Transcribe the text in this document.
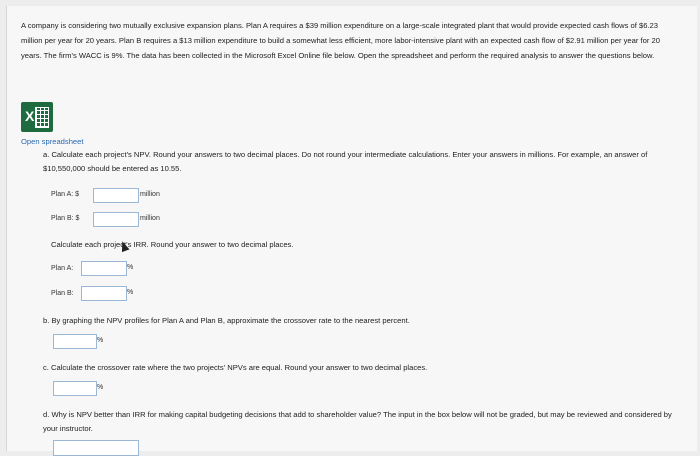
A company is considering two mutually exclusive expansion plans. Plan A requires a $39 million expenditure on a large-scale integrated plant that would provide expected cash flows of $6.23 million per year for 20 years. Plan B requires a $13 million expenditure to build a somewhat less efficient, more labor-intensive plant with an expected cash flow of $2.91 million per year for 20 years. The firm's WACC is 9%. The data has been collected in the Microsoft Excel Online file below. Open the spreadsheet and perform the required analysis to answer the questions below.
X
Open spreadsheet
a. Calculate each project's NPV. Round your answers to two decimal places. Do not round your intermediate calculations. Enter your answers in millions. For example, an answer of $10,550,000 should be entered as 10.55.
Plan A: $	million
Plan B: $	million
Calculate each project's IRR. Round your answer to two decimal places.
Plan A:	%
Plan B:	%
b. By graphing the NPV profiles for Plan A and Plan B, approximate the crossover rate to the nearest percent.
%
c. Calculate the crossover rate where the two projects' NPVs are equal. Round your answer to two decimal places.
%
d. Why is NPV better than IRR for making capital budgeting decisions that add to shareholder value? The input in the box below will not be graded, but may be reviewed and considered by your instructor.
